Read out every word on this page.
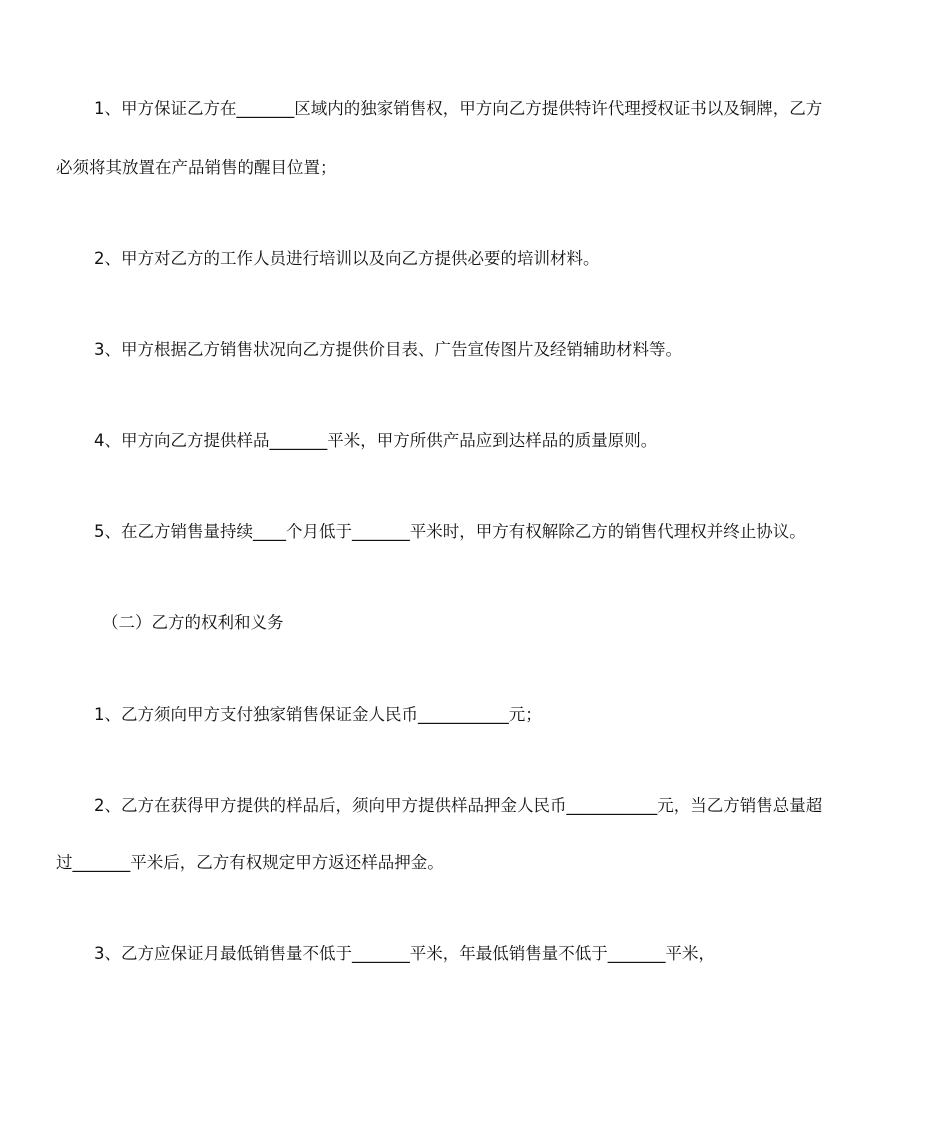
1、甲方保证乙方在_______区域内的独家销售权，甲方向乙方提供特许代理授权证书以及铜牌，乙方
必须将其放置在产品销售的醒目位置；
2、甲方对乙方的工作人员进行培训以及向乙方提供必要的培训材料。
3、甲方根据乙方销售状况向乙方提供价目表、广告宣传图片及经销辅助材料等。
4、甲方向乙方提供样品_______平米，甲方所供产品应到达样品的质量原则。
5、在乙方销售量持续____个月低于_______平米时，甲方有权解除乙方的销售代理权并终止协议。
（二）乙方的权利和义务
1、乙方须向甲方支付独家销售保证金人民币___________元；
2、乙方在获得甲方提供的样品后，须向甲方提供样品押金人民币___________元，当乙方销售总量超
过_______平米后，乙方有权规定甲方返还样品押金。
3、乙方应保证月最低销售量不低于_______平米，年最低销售量不低于_______平米，
